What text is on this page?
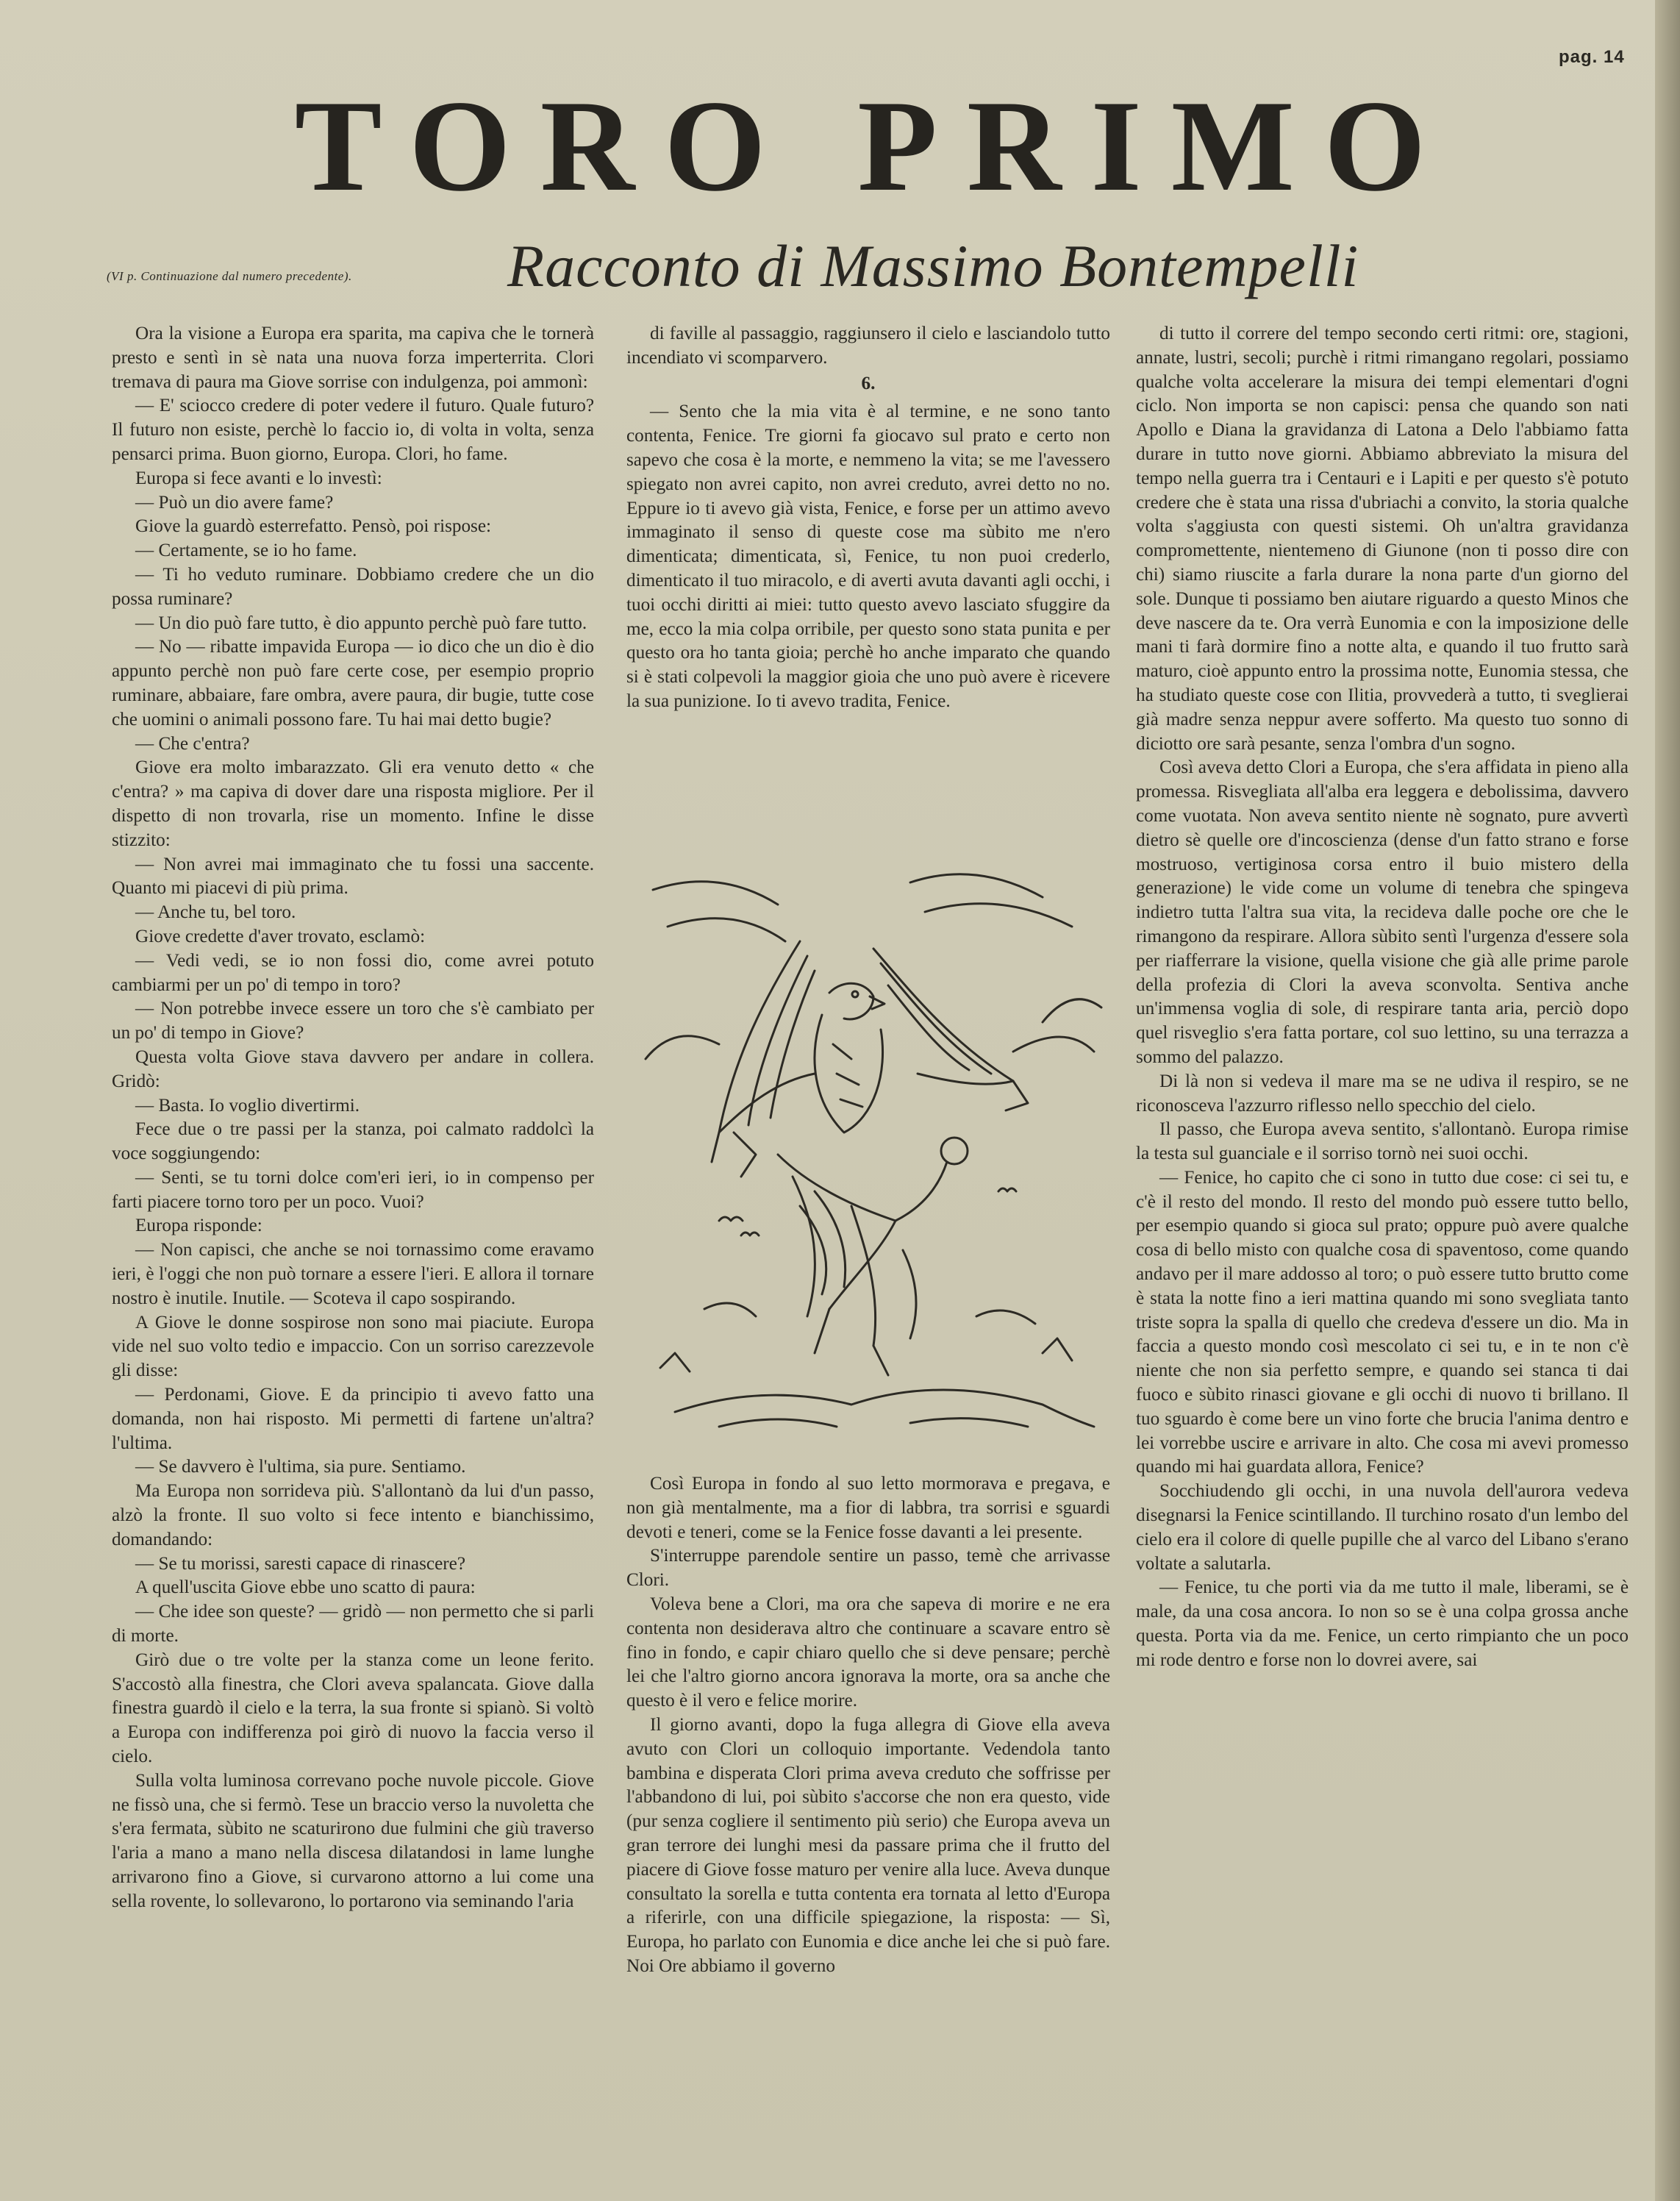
pag. 14
TORO PRIMO
(VI p. Continuazione dal numero precedente).	Racconto di Massimo Bontempelli

Ora la visione a Europa era sparita, ma capiva che le tornerà presto e sentì in sè nata una nuova forza imperterrita. Clori tremava di paura ma Giove sorrise con indulgenza, poi ammonì:

— E' sciocco credere di poter vedere il futuro. Quale futuro? Il futuro non esiste, perchè lo faccio io, di volta in volta, senza pensarci prima. Buon giorno, Europa. Clori, ho fame.

Europa si fece avanti e lo investì:

— Può un dio avere fame?

Giove la guardò esterrefatto. Pensò, poi rispose:

— Certamente, se io ho fame.

— Ti ho veduto ruminare. Dobbiamo credere che un dio possa ruminare?

— Un dio può fare tutto, è dio appunto perchè può fare tutto.

— No — ribatte impavida Europa — io dico che un dio è dio appunto perchè non può fare certe cose, per esempio proprio ruminare, abbaiare, fare ombra, avere paura, dir bugie, tutte cose che uomini o animali possono fare. Tu hai mai detto bugie?

— Che c'entra?

Giove era molto imbarazzato. Gli era venuto detto « che c'entra? » ma capiva di dover dare una risposta migliore. Per il dispetto di non trovarla, rise un momento. Infine le disse stizzito:

— Non avrei mai immaginato che tu fossi una saccente. Quanto mi piacevi di più prima.

— Anche tu, bel toro.

Giove credette d'aver trovato, esclamò:

— Vedi vedi, se io non fossi dio, come avrei potuto cambiarmi per un po' di tempo in toro?

— Non potrebbe invece essere un toro che s'è cambiato per un po' di tempo in Giove?

Questa volta Giove stava davvero per andare in collera. Gridò:

— Basta. Io voglio divertirmi.

Fece due o tre passi per la stanza, poi calmato raddolcì la voce soggiungendo:

— Senti, se tu torni dolce com'eri ieri, io in compenso per farti piacere torno toro per un poco. Vuoi?

Europa risponde:

— Non capisci, che anche se noi tornassimo come eravamo ieri, è l'oggi che non può tornare a essere l'ieri. E allora il tornare nostro è inutile. Inutile. — Scoteva il capo sospirando.

A Giove le donne sospirose non sono mai piaciute. Europa vide nel suo volto tedio e impaccio. Con un sorriso carezzevole gli disse:

— Perdonami, Giove. E da principio ti avevo fatto una domanda, non hai risposto. Mi permetti di fartene un'altra? l'ultima.

— Se davvero è l'ultima, sia pure. Sentiamo.

Ma Europa non sorrideva più. S'allontanò da lui d'un passo, alzò la fronte. Il suo volto si fece intento e bianchissimo, domandando:

— Se tu morissi, saresti capace di rinascere?

A quell'uscita Giove ebbe uno scatto di paura:

— Che idee son queste? — gridò — non permetto che si parli di morte.

Girò due o tre volte per la stanza come un leone ferito. S'accostò alla finestra, che Clori aveva spalancata. Giove dalla finestra guardò il cielo e la terra, la sua fronte si spianò. Si voltò a Europa con indifferenza poi girò di nuovo la faccia verso il cielo.

Sulla volta luminosa correvano poche nuvole piccole. Giove ne fissò una, che si fermò. Tese un braccio verso la nuvoletta che s'era fermata, sùbito ne scaturirono due fulmini che giù traverso l'aria a mano a mano nella discesa dilatandosi in lame lunghe arrivarono fino a Giove, si curvarono attorno a lui come una sella rovente, lo sollevarono, lo portarono via seminando l'aria

di faville al passaggio, raggiunsero il cielo e lasciandolo tutto incendiato vi scomparvero.

6.

— Sento che la mia vita è al termine, e ne sono tanto contenta, Fenice. Tre giorni fa giocavo sul prato e certo non sapevo che cosa è la morte, e nemmeno la vita; se me l'avessero spiegato non avrei capito, non avrei creduto, avrei detto no no. Eppure io ti avevo già vista, Fenice, e forse per un attimo avevo immaginato il senso di queste cose ma sùbito me n'ero dimenticata; dimenticata, sì, Fenice, tu non puoi crederlo, dimenticato il tuo miracolo, e di averti avuta davanti agli occhi, i tuoi occhi diritti ai miei: tutto questo avevo lasciato sfuggire da me, ecco la mia colpa orribile, per questo sono stata punita e per questo ora ho tanta gioia; perchè ho anche imparato che quando si è stati colpevoli la maggior gioia che uno può avere è ricevere la sua punizione. Io ti avevo tradita, Fenice.

Così Europa in fondo al suo letto mormorava e pregava, e non già mentalmente, ma a fior di labbra, tra sorrisi e sguardi devoti e teneri, come se la Fenice fosse davanti a lei presente.

S'interruppe parendole sentire un passo, temè che arrivasse Clori.

Voleva bene a Clori, ma ora che sapeva di morire e ne era contenta non desiderava altro che continuare a scavare entro sè fino in fondo, e capir chiaro quello che si deve pensare; perchè lei che l'altro giorno ancora ignorava la morte, ora sa anche che questo è il vero e felice morire.

Il giorno avanti, dopo la fuga allegra di Giove ella aveva avuto con Clori un colloquio importante. Vedendola tanto bambina e disperata Clori prima aveva creduto che soffrisse per l'abbandono di lui, poi sùbito s'accorse che non era questo, vide (pur senza cogliere il sentimento più serio) che Europa aveva un gran terrore dei lunghi mesi da passare prima che il frutto del piacere di Giove fosse maturo per venire alla luce. Aveva dunque consultato la sorella e tutta contenta era tornata al letto d'Europa a riferirle, con una difficile spiegazione, la risposta: — Sì, Europa, ho parlato con Eunomia e dice anche lei che si può fare. Noi Ore abbiamo il governo

di tutto il correre del tempo secondo certi ritmi: ore, stagioni, annate, lustri, secoli; purchè i ritmi rimangano regolari, possiamo qualche volta accelerare la misura dei tempi elementari d'ogni ciclo. Non importa se non capisci: pensa che quando son nati Apollo e Diana la gravidanza di Latona a Delo l'abbiamo fatta durare in tutto nove giorni. Abbiamo abbreviato la misura del tempo nella guerra tra i Centauri e i Lapiti e per questo s'è potuto credere che è stata una rissa d'ubriachi a convito, la storia qualche volta s'aggiusta con questi sistemi. Oh un'altra gravidanza compromettente, nientemeno di Giunone (non ti posso dire con chi) siamo riuscite a farla durare la nona parte d'un giorno del sole. Dunque ti possiamo ben aiutare riguardo a questo Minos che deve nascere da te. Ora verrà Eunomia e con la imposizione delle mani ti farà dormire fino a notte alta, e quando il tuo frutto sarà maturo, cioè appunto entro la prossima notte, Eunomia stessa, che ha studiato queste cose con Ilitia, provvederà a tutto, ti sveglierai già madre senza neppur avere sofferto. Ma questo tuo sonno di diciotto ore sarà pesante, senza l'ombra d'un sogno.

Così aveva detto Clori a Europa, che s'era affidata in pieno alla promessa. Risvegliata all'alba era leggera e debolissima, davvero come vuotata. Non aveva sentito niente nè sognato, pure avvertì dietro sè quelle ore d'incoscienza (dense d'un fatto strano e forse mostruoso, vertiginosa corsa entro il buio mistero della generazione) le vide come un volume di tenebra che spingeva indietro tutta l'altra sua vita, la recideva dalle poche ore che le rimangono da respirare. Allora sùbito sentì l'urgenza d'essere sola per riafferrare la visione, quella visione che già alle prime parole della profezia di Clori la aveva sconvolta. Sentiva anche un'immensa voglia di sole, di respirare tanta aria, perciò dopo quel risveglio s'era fatta portare, col suo lettino, su una terrazza a sommo del palazzo.

Di là non si vedeva il mare ma se ne udiva il respiro, se ne riconosceva l'azzurro riflesso nello specchio del cielo.

Il passo, che Europa aveva sentito, s'allontanò. Europa rimise la testa sul guanciale e il sorriso tornò nei suoi occhi.

— Fenice, ho capito che ci sono in tutto due cose: ci sei tu, e c'è il resto del mondo. Il resto del mondo può essere tutto bello, per esempio quando si gioca sul prato; oppure può avere qualche cosa di bello misto con qualche cosa di spaventoso, come quando andavo per il mare addosso al toro; o può essere tutto brutto come è stata la notte fino a ieri mattina quando mi sono svegliata tanto triste sopra la spalla di quello che credeva d'essere un dio. Ma in faccia a questo mondo così mescolato ci sei tu, e in te non c'è niente che non sia perfetto sempre, e quando sei stanca ti dai fuoco e sùbito rinasci giovane e gli occhi di nuovo ti brillano. Il tuo sguardo è come bere un vino forte che brucia l'anima dentro e lei vorrebbe uscire e arrivare in alto. Che cosa mi avevi promesso quando mi hai guardata allora, Fenice?

Socchiudendo gli occhi, in una nuvola dell'aurora vedeva disegnarsi la Fenice scintillando. Il turchino rosato d'un lembo del cielo era il colore di quelle pupille che al varco del Libano s'erano voltate a salutarla.

— Fenice, tu che porti via da me tutto il male, liberami, se è male, da una cosa ancora. Io non so se è una colpa grossa anche questa. Porta via da me. Fenice, un certo rimpianto che un poco mi rode dentro e forse non lo dovrei avere, sai
